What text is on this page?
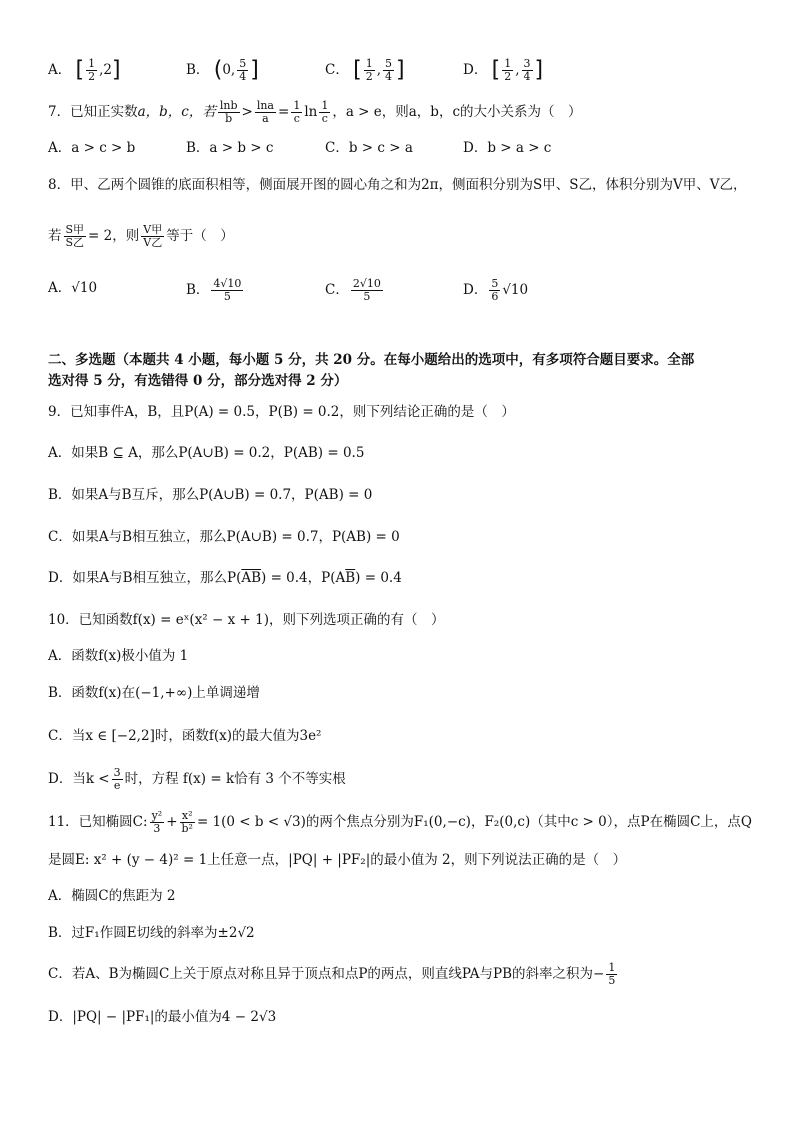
A． [ $\frac{1}{2} ,2$]	B． (0, $\frac{5}{4}$ ]	C． [ $\frac{1}{2}$ , $\frac{5}{4}$ ]	D． [ $\frac{1}{2}$ , $\frac{3}{4}$ ]
7．已知正实数a，b，c，若 $\frac{\ln b}{b} > \frac{\ln a}{a} = \frac{1}{c}$ $\ln \frac{1}{c}$ ，a > e，则a，b，c的大小关系为（　）
A．a > c > b	B．a > b > c	C．b > c > a	D．b > a > c
8．甲、乙两个圆锥的底面积相等，侧面展开图的圆心角之和为2π，侧面积分别为S甲、S乙，体积分别为V甲、V乙，
若 $\frac{\text{S甲}}{\text{S乙}} = 2$，则 $\frac{\text{V甲}}{\text{V乙}}$ 等于（　）
A．√10	B． $\frac{4√10}{5}$	C． $\frac{2√10}{5}$	D． $\frac{5}{6} √10$
二、多选题（本题共 4 小题，每小题 5 分，共 20 分。在每小题给出的选项中，有多项符合题目要求。全部
选对得 5 分，有选错得 0 分，部分选对得 2 分）
9．已知事件A，B，且P(A) = 0.5，P(B) = 0.2，则下列结论正确的是（　）
A．如果B ⊆ A，那么P(A∪B) = 0.2，P(AB) = 0.5
B．如果A与B互斥，那么P(A∪B) = 0.7，P(AB) = 0
C．如果A与B相互独立，那么P(A∪B) = 0.7，P(AB) = 0
D．如果A与B相互独立，那么$P(\overline{AB}) = 0.4$，$P(A\overline{B}) = 0.4$
10．已知函数f(x) = eˣ(x² − x + 1)，则下列选项正确的有（　）
A．函数f(x)极小值为 1
B．函数f(x)在(−1,+∞)上单调递增
C．当x ∈ [−2,2]时，函数f(x)的最大值为3e²
D．当$k < \frac{3}{e}$ 时，方程 f(x) = k恰有 3 个不等实根
11．已知椭圆C: $\frac{\text{y²}}{3} + \frac{\text{x²}}{\text{b²}} = 1(0 < b < √3)$的两个焦点分别为F₁(0,−c)，F₂(0,c)（其中c > 0），点P在椭圆C上，点Q
是圆E: x² + (y − 4)² = 1上任意一点，|PQ| + |PF₂|的最小值为 2，则下列说法正确的是（　）
A．椭圆C的焦距为 2
B．过F₁作圆E切线的斜率为±2√2
C．若A、B为椭圆C上关于原点对称且异于顶点和点P的两点，则直线PA与PB的斜率之积为− $\frac{1}{5}$
D．|PQ| − |PF₁|的最小值为4 − 2√3
